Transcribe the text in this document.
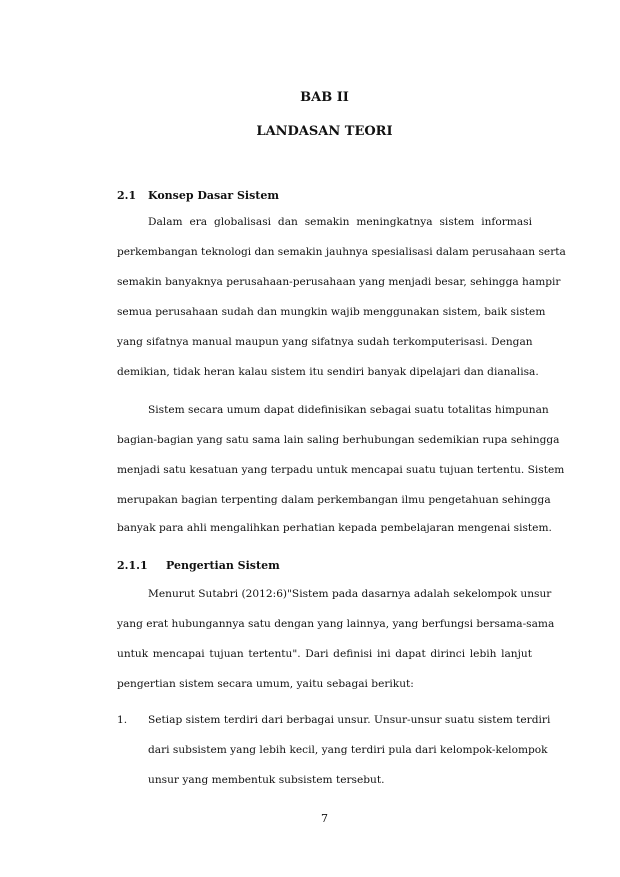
BAB II
LANDASAN TEORI
2.1 Konsep Dasar Sistem
Dalam era globalisasi dan semakin meningkatnya sistem informasi
perkembangan teknologi dan semakin jauhnya spesialisasi dalam perusahaan serta
semakin banyaknya perusahaan-perusahaan yang menjadi besar, sehingga hampir
semua perusahaan sudah dan mungkin wajib menggunakan sistem, baik sistem
yang sifatnya manual maupun yang sifatnya sudah terkomputerisasi. Dengan
demikian, tidak heran kalau sistem itu sendiri banyak dipelajari dan dianalisa.
Sistem secara umum dapat didefinisikan sebagai suatu totalitas himpunan
bagian-bagian yang satu sama lain saling berhubungan sedemikian rupa sehingga
menjadi satu kesatuan yang terpadu untuk mencapai suatu tujuan tertentu. Sistem
merupakan bagian terpenting dalam perkembangan ilmu pengetahuan sehingga
banyak para ahli mengalihkan perhatian kepada pembelajaran mengenai sistem.
2.1.1 Pengertian Sistem
Menurut Sutabri (2012:6)"Sistem pada dasarnya adalah sekelompok unsur
yang erat hubungannya satu dengan yang lainnya, yang berfungsi bersama-sama
untuk mencapai tujuan tertentu". Dari definisi ini dapat dirinci lebih lanjut
pengertian sistem secara umum, yaitu sebagai berikut:
1. Setiap sistem terdiri dari berbagai unsur. Unsur-unsur suatu sistem terdiri
dari subsistem yang lebih kecil, yang terdiri pula dari kelompok-kelompok
unsur yang membentuk subsistem tersebut.
7
